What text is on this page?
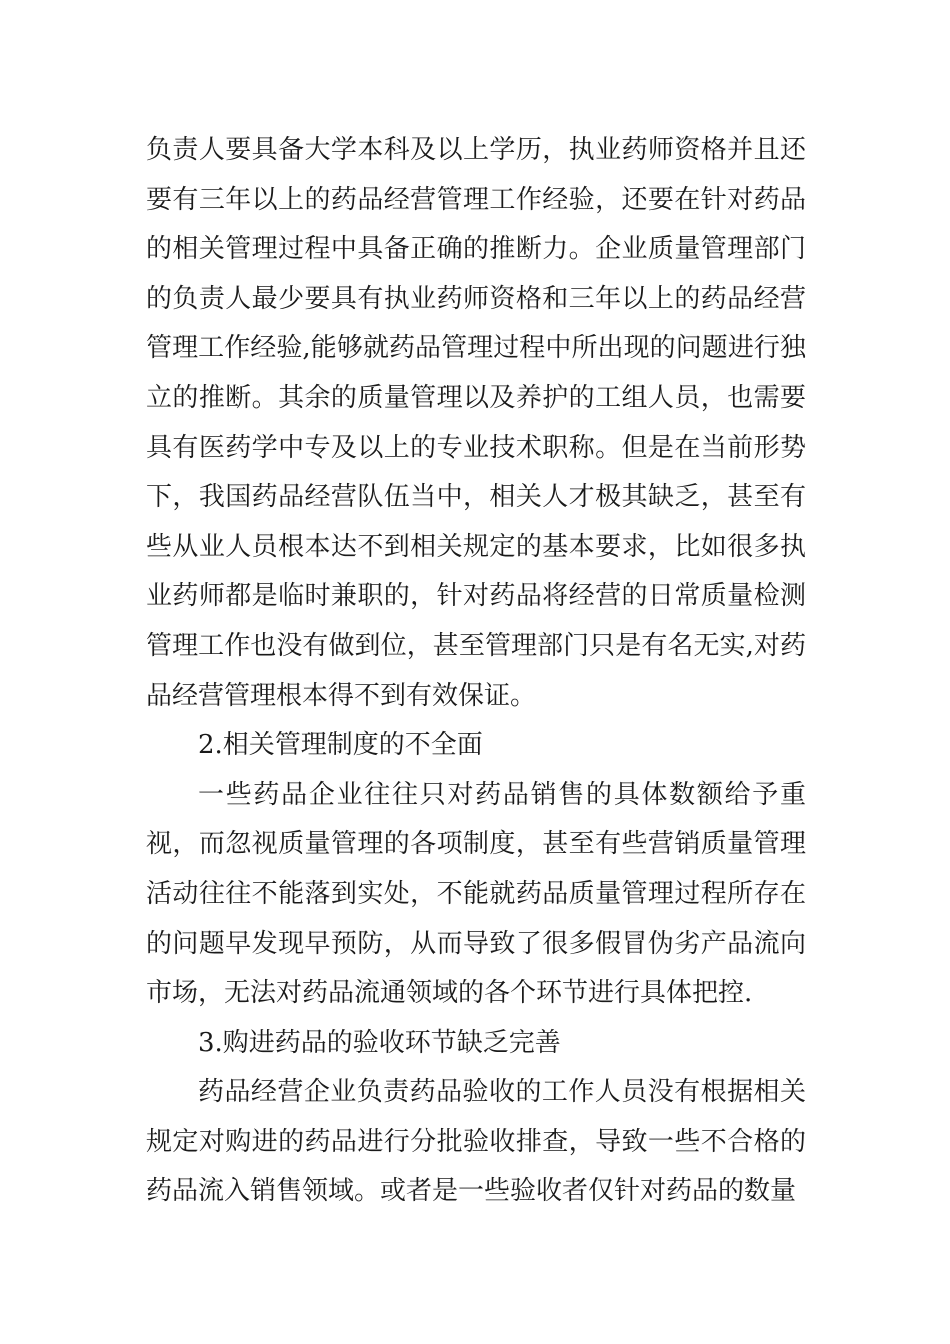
负责人要具备大学本科及以上学历，执业药师资格并且还要有三年以上的药品经营管理工作经验，还要在针对药品的相关管理过程中具备正确的推断力。企业质量管理部门的负责人最少要具有执业药师资格和三年以上的药品经营管理工作经验,能够就药品管理过程中所出现的问题进行独立的推断。其余的质量管理以及养护的工组人员，也需要具有医药学中专及以上的专业技术职称。但是在当前形势下，我国药品经营队伍当中，相关人才极其缺乏，甚至有些从业人员根本达不到相关规定的基本要求，比如很多执业药师都是临时兼职的，针对药品将经营的日常质量检测管理工作也没有做到位，甚至管理部门只是有名无实,对药品经营管理根本得不到有效保证。

2.相关管理制度的不全面

一些药品企业往往只对药品销售的具体数额给予重视，而忽视质量管理的各项制度，甚至有些营销质量管理活动往往不能落到实处，不能就药品质量管理过程所存在的问题早发现早预防，从而导致了很多假冒伪劣产品流向市场，无法对药品流通领域的各个环节进行具体把控.

3.购进药品的验收环节缺乏完善

药品经营企业负责药品验收的工作人员没有根据相关规定对购进的药品进行分批验收排查，导致一些不合格的药品流入销售领域。或者是一些验收者仅针对药品的数量
